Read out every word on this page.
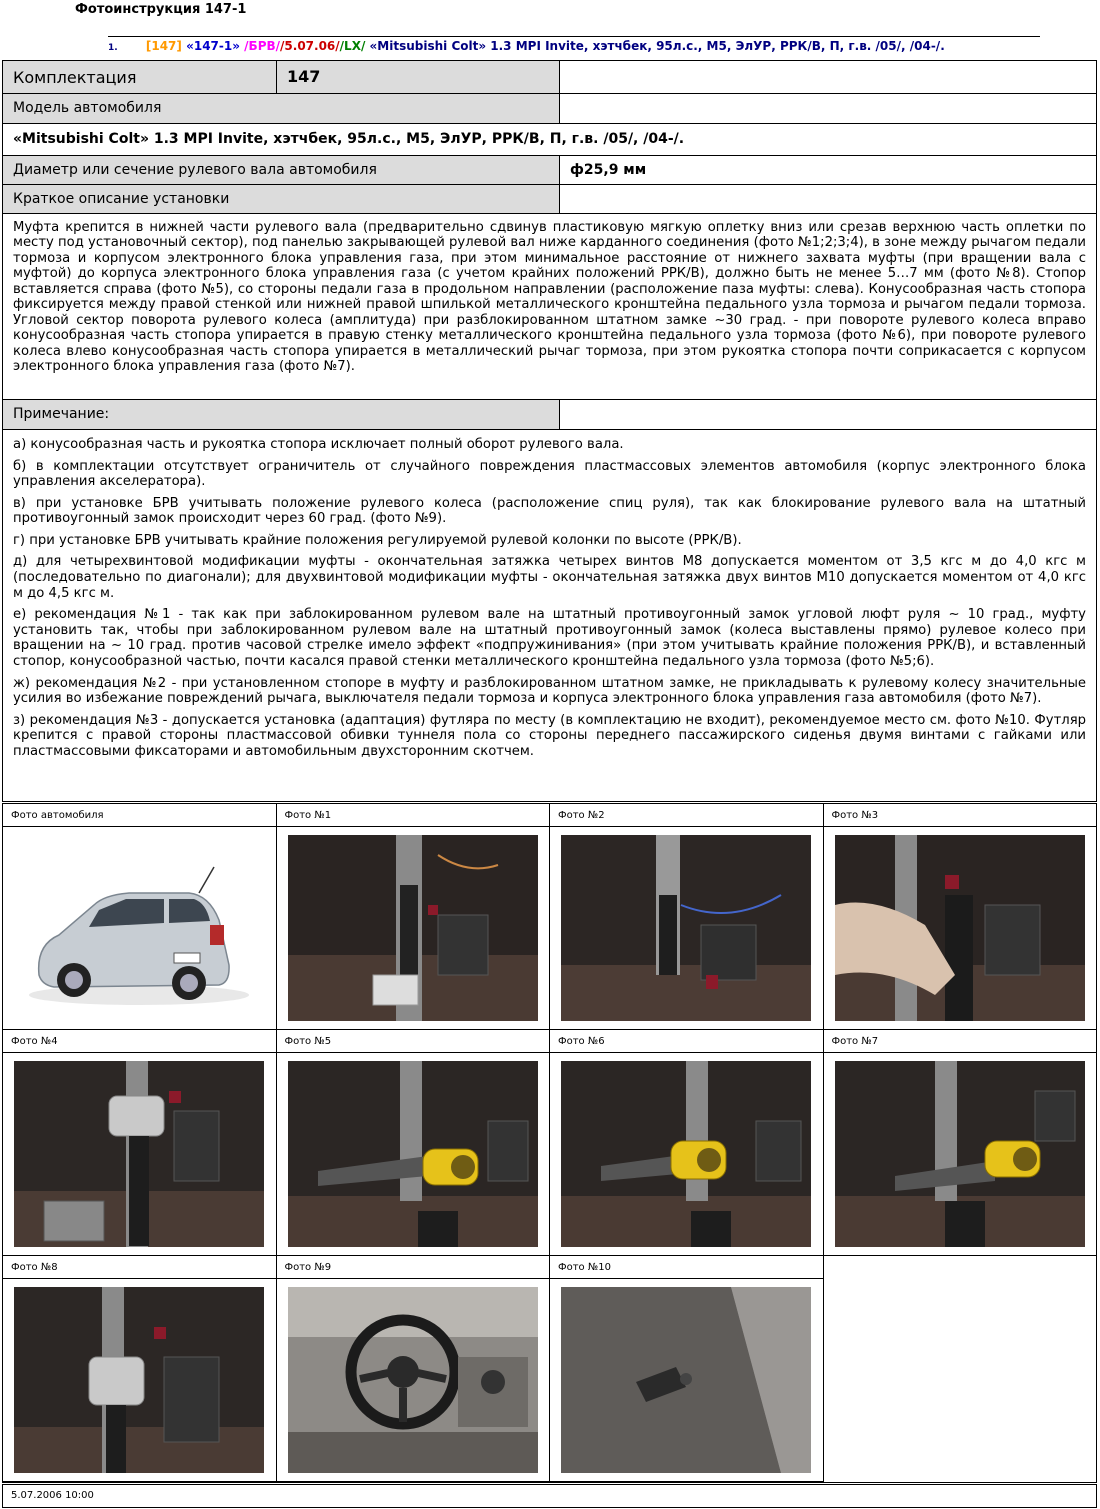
Фотоинструкция 147-1
1. [147] «147-1» /БРВ//5.07.06//LX/ «Mitsubishi Colt» 1.3 MPI Invite, хэтчбек, 95л.с., М5, ЭлУР, РРК/В, П, г.в. /05/, /04-/.
Комплектация	147
Модель автомобиля
«Mitsubishi Colt» 1.3 MPI Invite, хэтчбек, 95л.с., М5, ЭлУР, РРК/В, П, г.в. /05/, /04-/.
Диаметр или сечение рулевого вала автомобиля	ф25,9 мм
Краткое описание установки
Муфта крепится в нижней части рулевого вала (предварительно сдвинув пластиковую мягкую оплетку вниз или срезав верхнюю часть оплетки по месту под установочный сектор), под панелью закрывающей рулевой вал ниже карданного соединения (фото №1;2;3;4), в зоне между рычагом педали тормоза и корпусом электронного блока управления газа, при этом минимальное расстояние от нижнего захвата муфты (при вращении вала с муфтой) до корпуса электронного блока управления газа (с учетом крайних положений РРК/В), должно быть не менее 5…7 мм (фото №8). Стопор вставляется справа (фото №5), со стороны педали газа в продольном направлении (расположение паза муфты: слева). Конусообразная часть стопора фиксируется между правой стенкой или нижней правой шпилькой металлического кронштейна педального узла тормоза и рычагом педали тормоза. Угловой сектор поворота рулевого колеса (амплитуда) при разблокированном штатном замке ~30 град. - при повороте рулевого колеса вправо конусообразная часть стопора упирается в правую стенку металлического кронштейна педального узла тормоза (фото №6), при повороте рулевого колеса влево конусообразная часть стопора упирается в металлический рычаг тормоза, при этом рукоятка стопора почти соприкасается с корпусом электронного блока управления газа (фото №7).
Примечание:

а) конусообразная часть и рукоятка стопора исключает полный оборот рулевого вала.

б) в комплектации отсутствует ограничитель от случайного повреждения пластмассовых элементов автомобиля (корпус электронного блока управления акселератора).

в) при установке БРВ учитывать положение рулевого колеса (расположение спиц руля), так как блокирование рулевого вала на штатный противоугонный замок происходит через 60 град. (фото №9).

г) при установке БРВ учитывать крайние положения регулируемой рулевой колонки по высоте (РРК/В).

д) для четырехвинтовой модификации муфты - окончательная затяжка четырех винтов М8 допускается моментом от 3,5 кгс м до 4,0 кгс м (последовательно по диагонали); для двухвинтовой модификации муфты - окончательная затяжка двух винтов М10 допускается моментом от 4,0 кгс м до 4,5 кгс м.

е) рекомендация №1 - так как при заблокированном рулевом вале на штатный противоугонный замок угловой люфт руля ~ 10 град., муфту установить так, чтобы при заблокированном рулевом вале на штатный противоугонный замок (колеса выставлены прямо) рулевое колесо при вращении на ~ 10 град. против часовой стрелке имело эффект «подпружинивания» (при этом учитывать крайние положения РРК/В), и вставленный стопор, конусообразной частью, почти касался правой стенки металлического кронштейна педального узла тормоза (фото №5;6).

ж) рекомендация №2 - при установленном стопоре в муфту и разблокированном штатном замке, не прикладывать к рулевому колесу значительные усилия во избежание повреждений рычага, выключателя педали тормоза и корпуса электронного блока управления газа автомобиля (фото №7).

з) рекомендация №3 - допускается установка (адаптация) футляра по месту (в комплектацию не входит), рекомендуемое место см. фото №10. Футляр крепится с правой стороны пластмассовой обивки туннеля пола со стороны переднего пассажирского сиденья двумя винтами с гайками или пластмассовыми фиксаторами и автомобильным двухсторонним скотчем.

Фото автомобиля	Фото №1	Фото №2	Фото №3
Фото №4	Фото №5	Фото №6	Фото №7
Фото №8	Фото №9	Фото №10
5.07.2006 10:00
